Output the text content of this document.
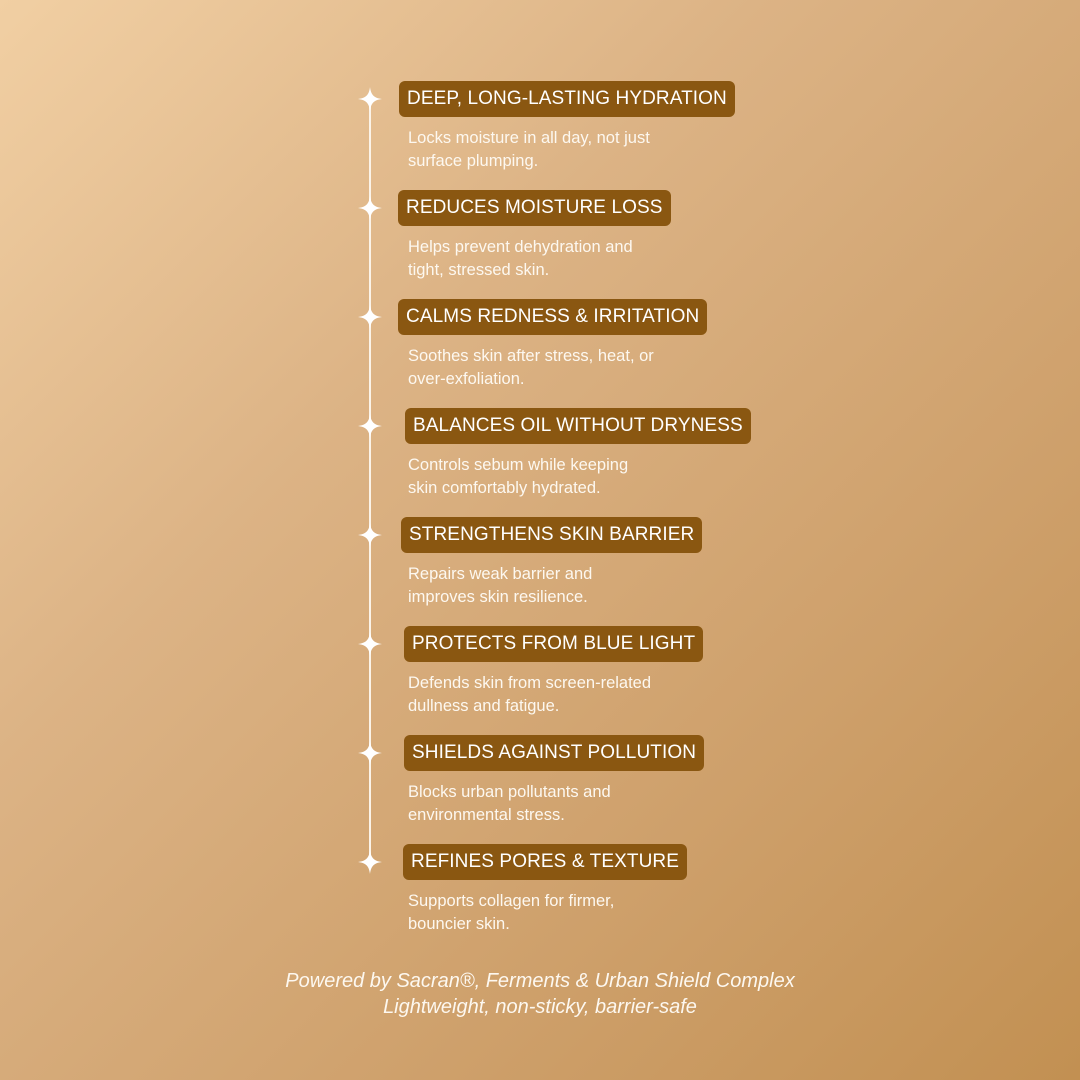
DEEP, LONG-LASTING HYDRATION
Locks moisture in all day, not just
surface plumping.
REDUCES MOISTURE LOSS
Helps prevent dehydration and
tight, stressed skin.
CALMS REDNESS & IRRITATION
Soothes skin after stress, heat, or
over-exfoliation.
BALANCES OIL WITHOUT DRYNESS
Controls sebum while keeping
skin comfortably hydrated.
STRENGTHENS SKIN BARRIER
Repairs weak barrier and
improves skin resilience.
PROTECTS FROM BLUE LIGHT
Defends skin from screen-related
dullness and fatigue.
SHIELDS AGAINST POLLUTION
Blocks urban pollutants and
environmental stress.
REFINES PORES & TEXTURE
Supports collagen for firmer,
bouncier skin.
Powered by Sacran®, Ferments & Urban Shield Complex
Lightweight, non-sticky, barrier-safe
